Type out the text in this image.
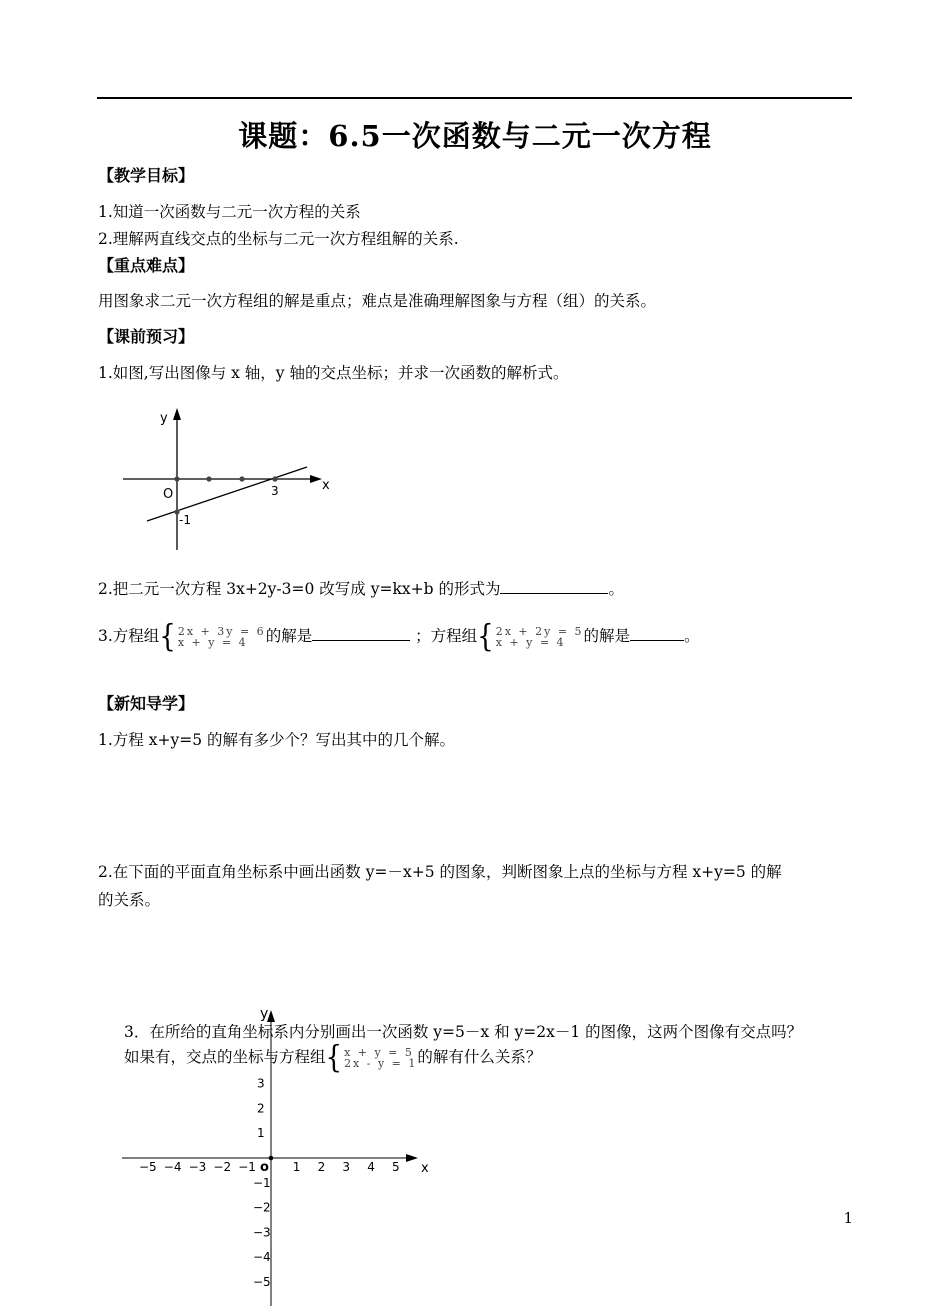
课题：6.5一次函数与二元一次方程
【教学目标】
1.知道一次函数与二元一次方程的关系
2.理解两直线交点的坐标与二元一次方程组解的关系.
【重点难点】
用图象求二元一次方程组的解是重点；难点是准确理解图象与方程（组）的关系。
【课前预习】
1.如图,写出图像与 x 轴，y 轴的交点坐标；并求一次函数的解析式。
y
x
O	3
-1
2.把二元一次方程 3x+2y-3=0 改写成 y=kx+b 的形式为	。
3.方程组{ 2x + 3y = 6
x + y = 4 的解是	；方程组{ 2x + 2y = 5
x + y = 4 的解是	。
【新知导学】
1.方程 x+y=5 的解有多少个？写出其中的几个解。
2.在下面的平面直角坐标系中画出函数 y=－x+5 的图象，判断图象上点的坐标与方程 x+y=5 的解
的关系。
y
x
o
−5 −4 −3 −2 −1	1 2 3 4 5
1
2
3
−1
−2
−3
−4
−5
3．在所给的直角坐标系内分别画出一次函数 y=5－x 和 y=2x－1 的图像，这两个图像有交点吗？
如果有，交点的坐标与方程组{ x + y = 5
2x - y = 1的解有什么关系？
1
